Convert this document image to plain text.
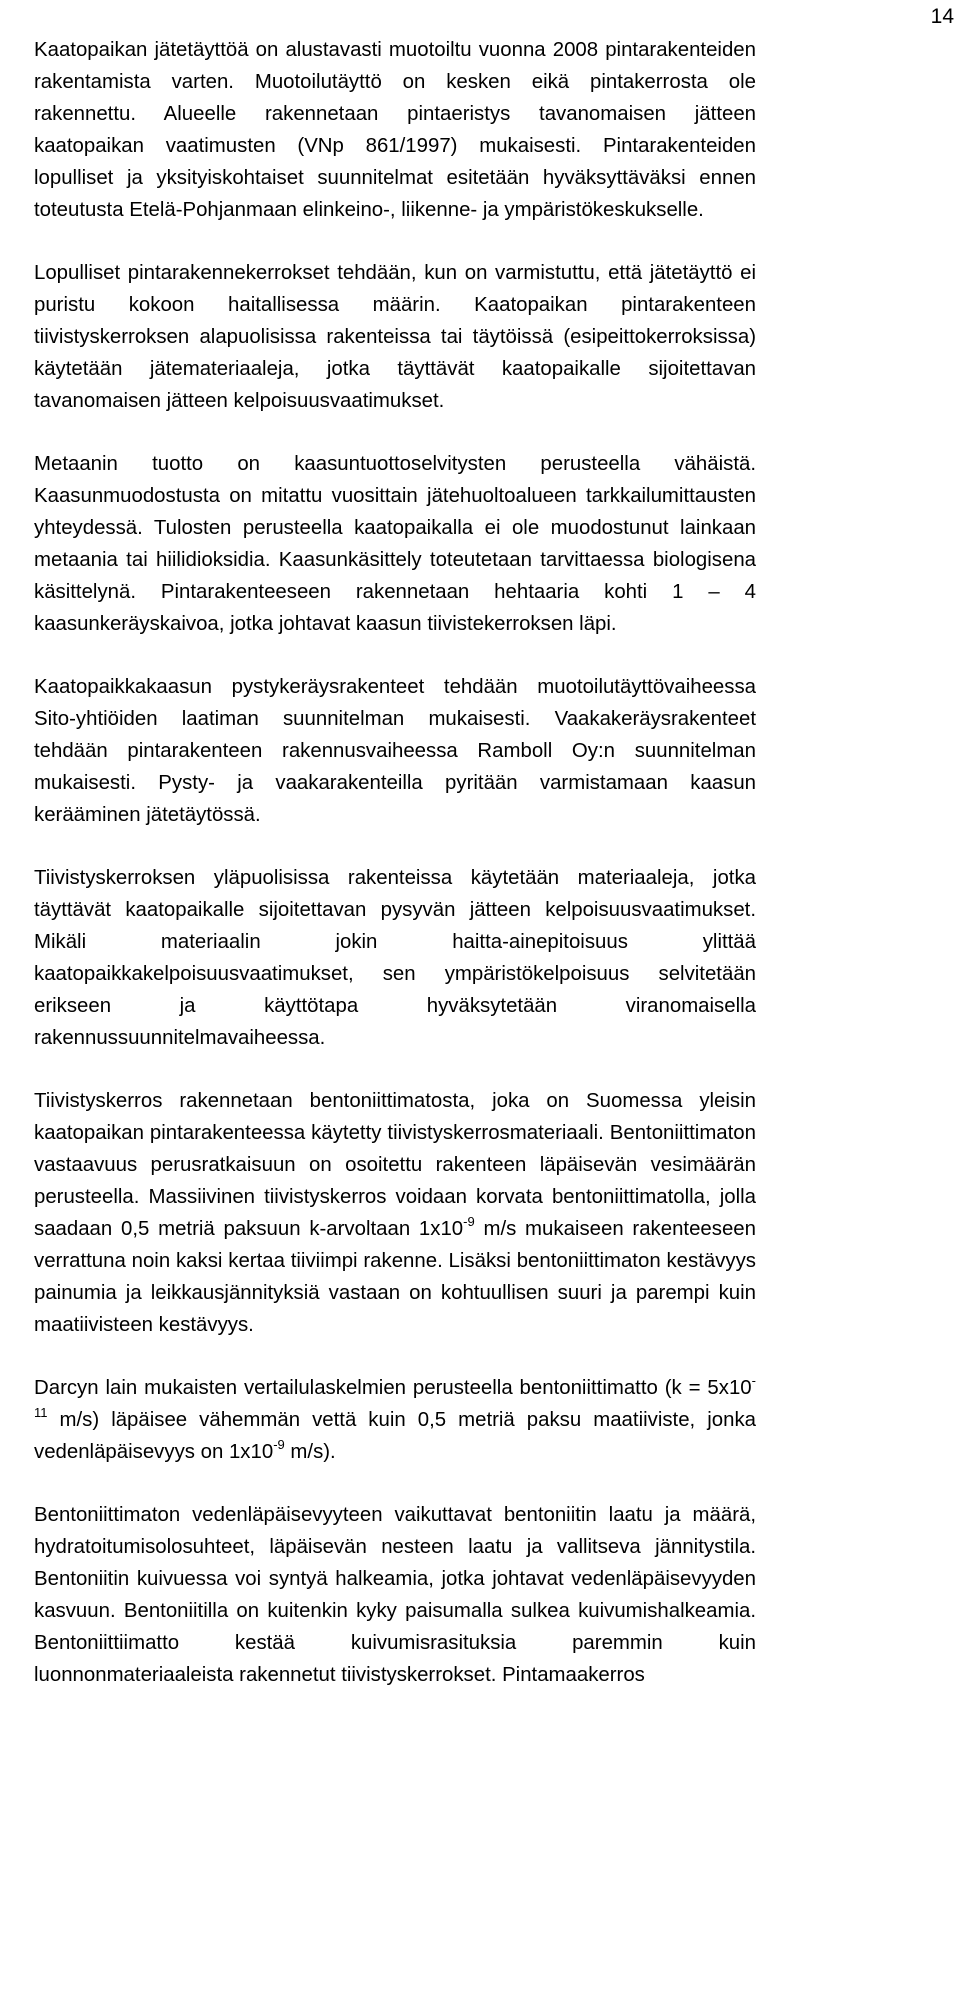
14

Kaatopaikan jätetäyttöä on alustavasti muotoiltu vuonna 2008 pintarakenteiden rakentamista varten. Muotoilutäyttö on kesken eikä pintakerrosta ole rakennettu. Alueelle rakennetaan pintaeristys tavanomaisen jätteen kaatopaikan vaatimusten (VNp 861/1997) mukaisesti. Pintarakenteiden lopulliset ja yksityiskohtaiset suunnitelmat esitetään hyväksyttäväksi ennen toteutusta Etelä-Pohjanmaan elinkeino-, liikenne- ja ympäristökeskukselle.

Lopulliset pintarakennekerrokset tehdään, kun on varmistuttu, että jätetäyttö ei puristu kokoon haitallisessa määrin. Kaatopaikan pintarakenteen tiivistyskerroksen alapuolisissa rakenteissa tai täytöissä (esipeittokerroksissa) käytetään jätemateriaaleja, jotka täyttävät kaatopaikalle sijoitettavan tavanomaisen jätteen kelpoisuusvaatimukset.

Metaanin tuotto on kaasuntuottoselvitysten perusteella vähäistä. Kaasunmuodostusta on mitattu vuosittain jätehuoltoalueen tarkkailumittausten yhteydessä. Tulosten perusteella kaatopaikalla ei ole muodostunut lainkaan metaania tai hiilidioksidia. Kaasunkäsittely toteutetaan tarvittaessa biologisena käsittelynä. Pintarakenteeseen rakennetaan hehtaaria kohti 1 – 4 kaasunkeräyskaivoa, jotka johtavat kaasun tiivistekerroksen läpi.

Kaatopaikkakaasun pystykeräysrakenteet tehdään muotoilutäyttövaiheessa Sito-yhtiöiden laatiman suunnitelman mukaisesti. Vaakakeräysrakenteet tehdään pintarakenteen rakennusvaiheessa Ramboll Oy:n suunnitelman mukaisesti. Pysty- ja vaakarakenteilla pyritään varmistamaan kaasun kerääminen jätetäytössä.

Tiivistyskerroksen yläpuolisissa rakenteissa käytetään materiaaleja, jotka täyttävät kaatopaikalle sijoitettavan pysyvän jätteen kelpoisuusvaatimukset. Mikäli materiaalin jokin haitta-ainepitoisuus ylittää kaatopaikkakelpoisuusvaatimukset, sen ympäristökelpoisuus selvitetään erikseen ja käyttötapa hyväksytetään viranomaisella rakennussuunnitelmavaiheessa.

Tiivistyskerros rakennetaan bentoniittimatosta, joka on Suomessa yleisin kaatopaikan pintarakenteessa käytetty tiivistyskerrosmateriaali. Bentoniittimaton vastaavuus perusratkaisuun on osoitettu rakenteen läpäisevän vesimäärän perusteella. Massiivinen tiivistyskerros voidaan korvata bentoniittimatolla, jolla saadaan 0,5 metriä paksuun k-arvoltaan $1x10^{-9}$ m/s mukaiseen rakenteeseen verrattuna noin kaksi kertaa tiiviimpi rakenne. Lisäksi bentoniittimaton kestävyys painumia ja leikkausjännityksiä vastaan on kohtuullisen suuri ja parempi kuin maatiivisteen kestävyys.

Darcyn lain mukaisten vertailulaskelmien perusteella bentoniittimatto ($k = 5x10^{-11}$ m/s) läpäisee vähemmän vettä kuin 0,5 metriä paksu maatiiviste, jonka vedenläpäisevyys on $1x10^{-9}$ m/s).

Bentoniittimaton vedenläpäisevyyteen vaikuttavat bentoniitin laatu ja määrä, hydratoitumisolosuhteet, läpäisevän nesteen laatu ja vallitseva jännitystila. Bentoniitin kuivuessa voi syntyä halkeamia, jotka johtavat vedenläpäisevyyden kasvuun. Bentoniitilla on kuitenkin kyky paisumalla sulkea kuivumishalkeamia. Bentoniittiimatto kestää kuivumisrasituksia paremmin kuin luonnonmateriaaleista rakennetut tiivistyskerrokset. Pintamaakerros
